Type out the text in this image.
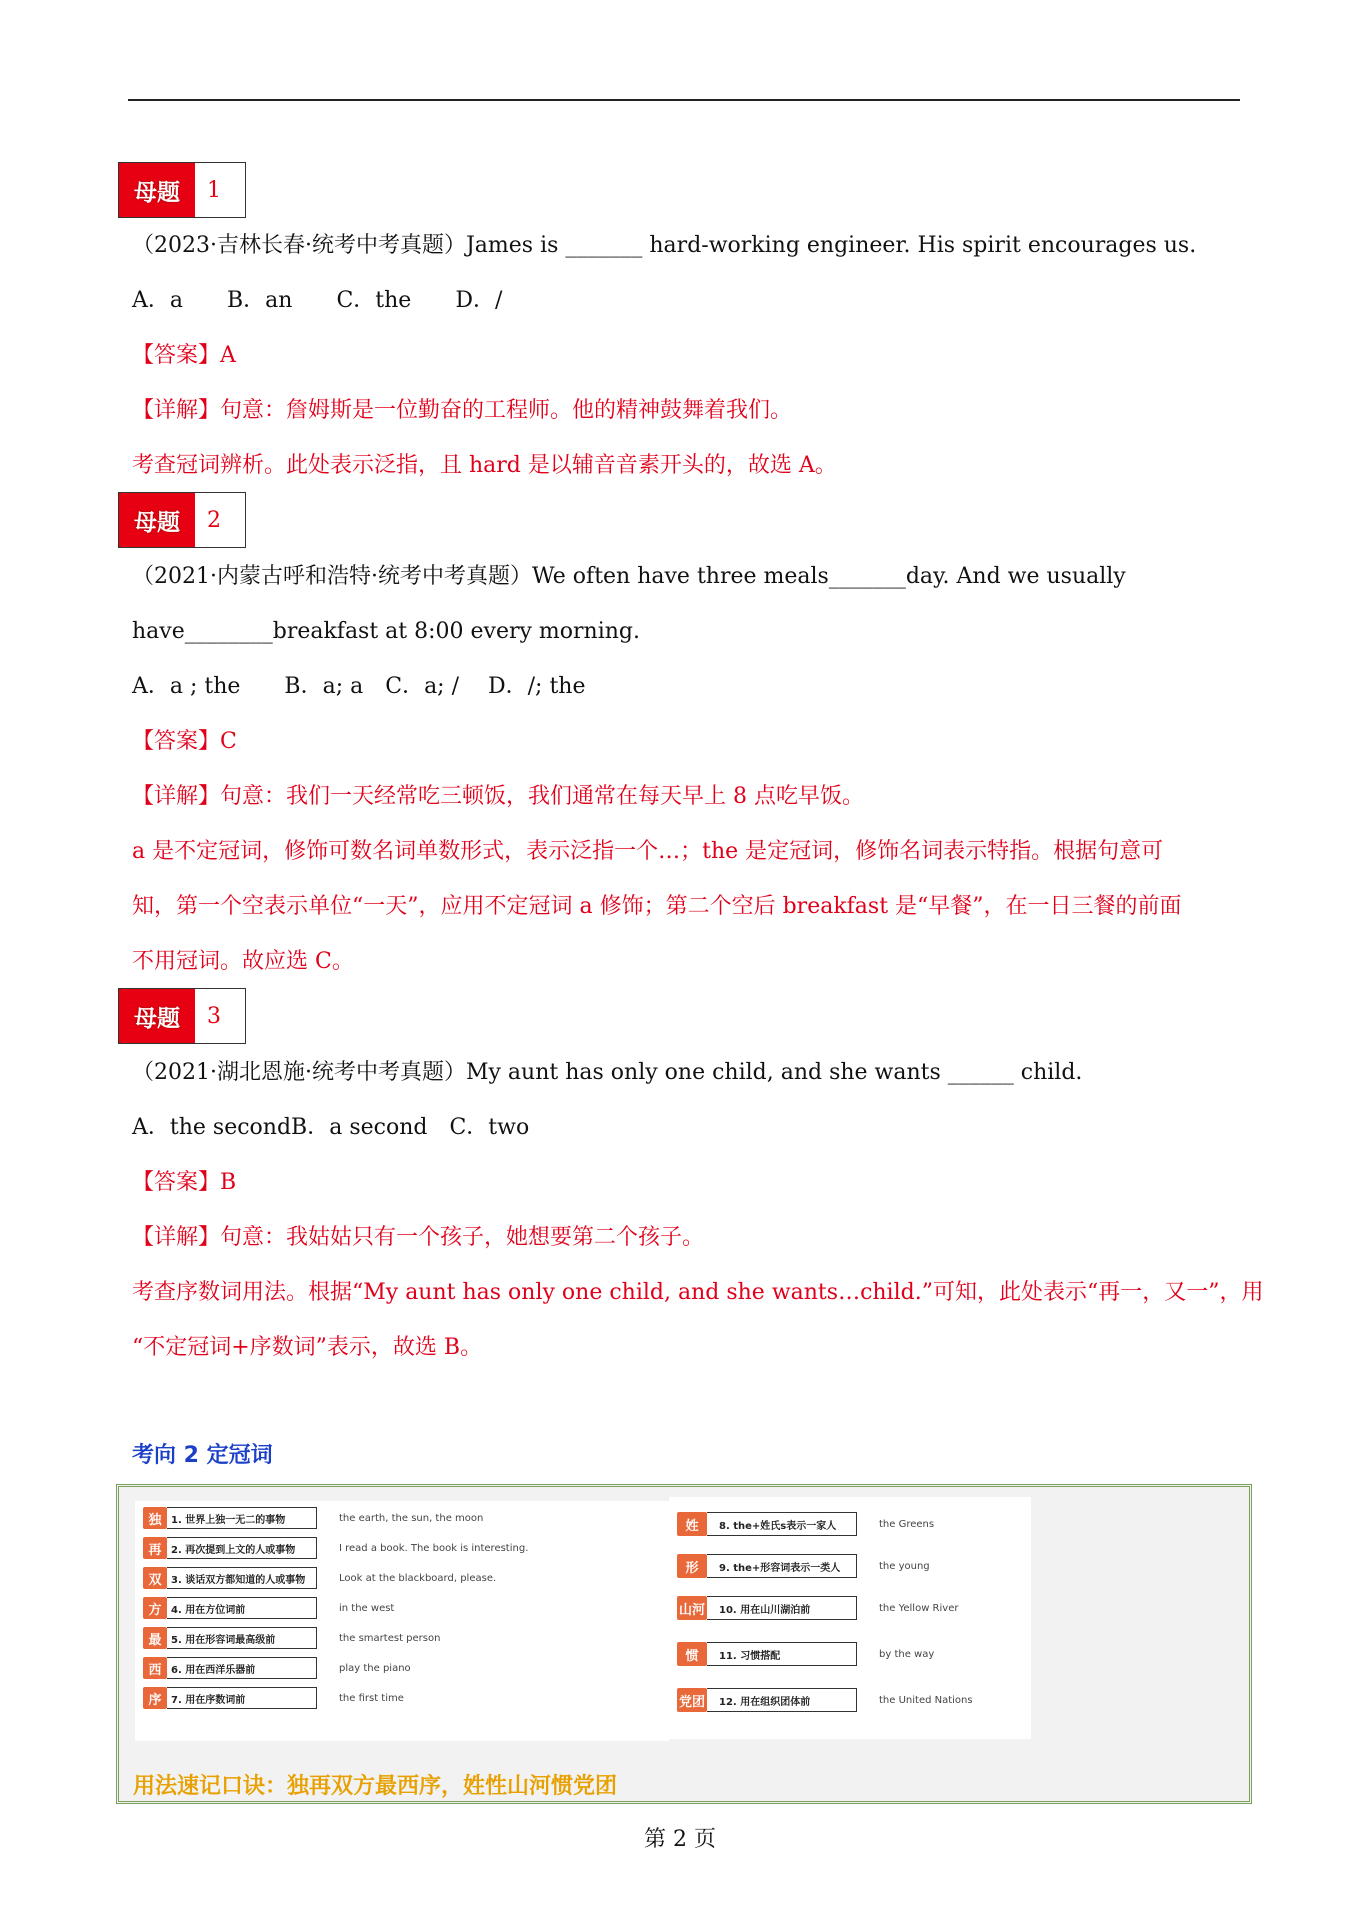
母题	1
（2023·吉林长春·统考中考真题）James is _______ hard-working engineer. His spirit encourages us.
A．a　　B．an　　C．the　　D．/
【答案】A
【详解】句意：詹姆斯是一位勤奋的工程师。他的精神鼓舞着我们。
考查冠词辨析。此处表示泛指，且 hard 是以辅音音素开头的，故选 A。
母题	2
（2021·内蒙古呼和浩特·统考中考真题）We often have three meals_______day. And we usually
have________breakfast at 8:00 every morning.
A．a ; the　　B．a; a　C．a; /　 D．/; the
【答案】C
【详解】句意：我们一天经常吃三顿饭，我们通常在每天早上 8 点吃早饭。
a 是不定冠词，修饰可数名词单数形式，表示泛指一个…；the 是定冠词，修饰名词表示特指。根据句意可
知，第一个空表示单位“一天”，应用不定冠词 a 修饰；第二个空后 breakfast 是“早餐”，在一日三餐的前面
不用冠词。故应选 C。
母题	3
（2021·湖北恩施·统考中考真题）My aunt has only one child, and she wants ______ child.
A．the secondB．a second　C．two
【答案】B
【详解】句意：我姑姑只有一个孩子，她想要第二个孩子。
考查序数词用法。根据“My aunt has only one child, and she wants…child.”可知，此处表示“再一，又一”，用
“不定冠词+序数词”表示，故选 B。
考向 2 定冠词
独 1. 世界上独一无二的事物	the earth, the sun, the moon
再 2. 再次提到上文的人或事物	I read a book. The book is interesting.
双 3. 谈话双方都知道的人或事物	Look at the blackboard, please.
方 4. 用在方位词前	in the west
最 5. 用在形容词最高级前	the smartest person
西 6. 用在西洋乐器前	play the piano
序 7. 用在序数词前	the first time
姓	8. the+姓氏s表示一家人	the Greens
形	9. the+形容词表示一类人	the young
山河	10. 用在山川湖泊前	the Yellow River
惯	11. 习惯搭配	by the way
党团	12. 用在组织团体前	the United Nations
用法速记口诀：独再双方最西序，姓性山河惯党团
第 2 页
